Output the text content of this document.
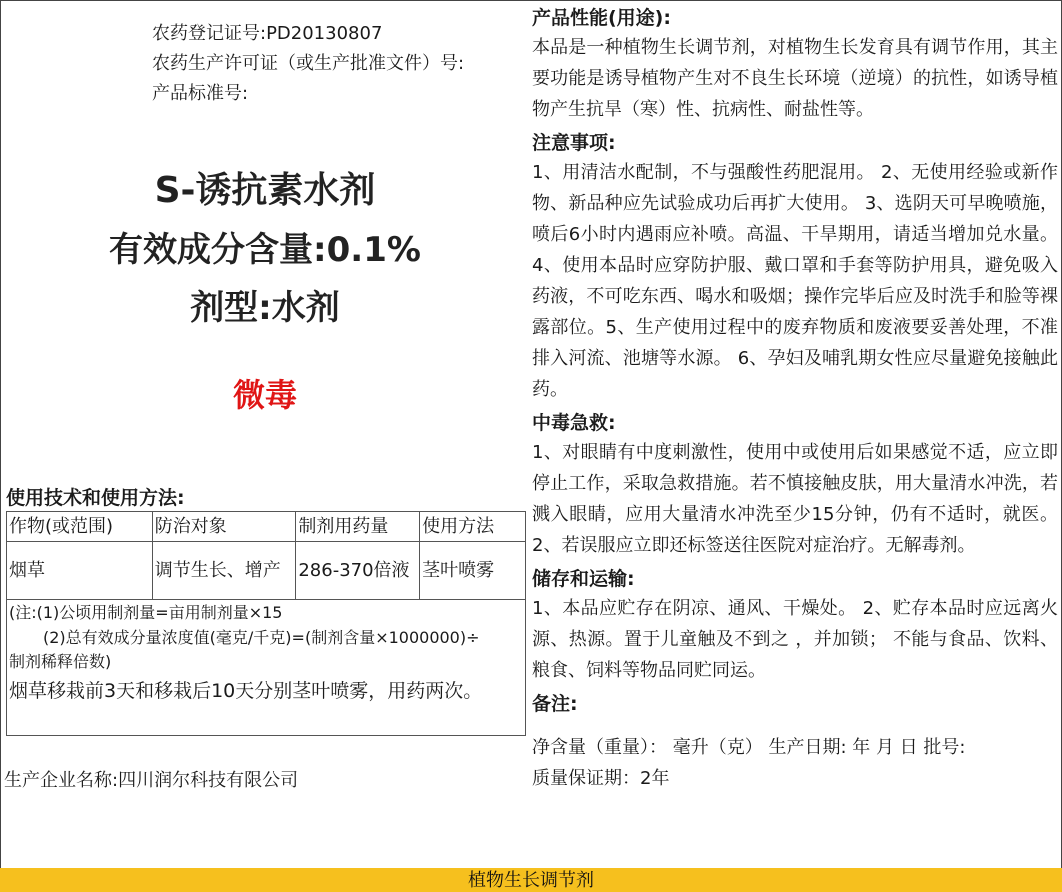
农药登记证号:PD20130807
农药生产许可证（或生产批准文件）号:
产品标准号:
S-诱抗素水剂
有效成分含量:0.1%
剂型:水剂
微毒
使用技术和使用方法:
作物(或范围)	防治对象	制剂用药量	使用方法
烟草	调节生长、增产	286-370倍液	茎叶喷雾
(注:(1)公顷用制剂量=亩用制剂量×15
(2)总有效成分量浓度值(毫克/千克)=(制剂含量×1000000)÷
制剂稀释倍数)
烟草移栽前3天和移栽后10天分别茎叶喷雾，用药两次。
生产企业名称:四川润尔科技有限公司
产品性能(用途):
本品是一种植物生长调节剂，对植物生长发育具有调节作用，其主要功能是诱导植物产生对不良生长环境（逆境）的抗性，如诱导植物产生抗旱（寒）性、抗病性、耐盐性等。
注意事项:
1、用清洁水配制，不与强酸性药肥混用。 2、无使用经验或新作物、新品种应先试验成功后再扩大使用。 3、选阴天可早晚喷施，喷后6小时内遇雨应补喷。高温、干旱期用，请适当增加兑水量。 4、使用本品时应穿防护服、戴口罩和手套等防护用具，避免吸入药液，不可吃东西、喝水和吸烟；操作完毕后应及时洗手和脸等裸露部位。5、生产使用过程中的废弃物质和废液要妥善处理，不准排入河流、池塘等水源。 6、孕妇及哺乳期女性应尽量避免接触此药。
中毒急救:
1、对眼睛有中度刺激性，使用中或使用后如果感觉不适，应立即停止工作，采取急救措施。若不慎接触皮肤，用大量清水冲洗，若溅入眼睛，应用大量清水冲洗至少15分钟，仍有不适时，就医。2、若误服应立即还标签送往医院对症治疗。无解毒剂。
储存和运输:
1、本品应贮存在阴凉、通风、干燥处。 2、贮存本品时应远离火源、热源。置于儿童触及不到之 ，并加锁； 不能与食品、饮料、粮食、饲料等物品同贮同运。
备注:
净含量（重量）： 毫升（克） 生产日期: 年 月 日 批号:
质量保证期：2年
植物生长调节剂
